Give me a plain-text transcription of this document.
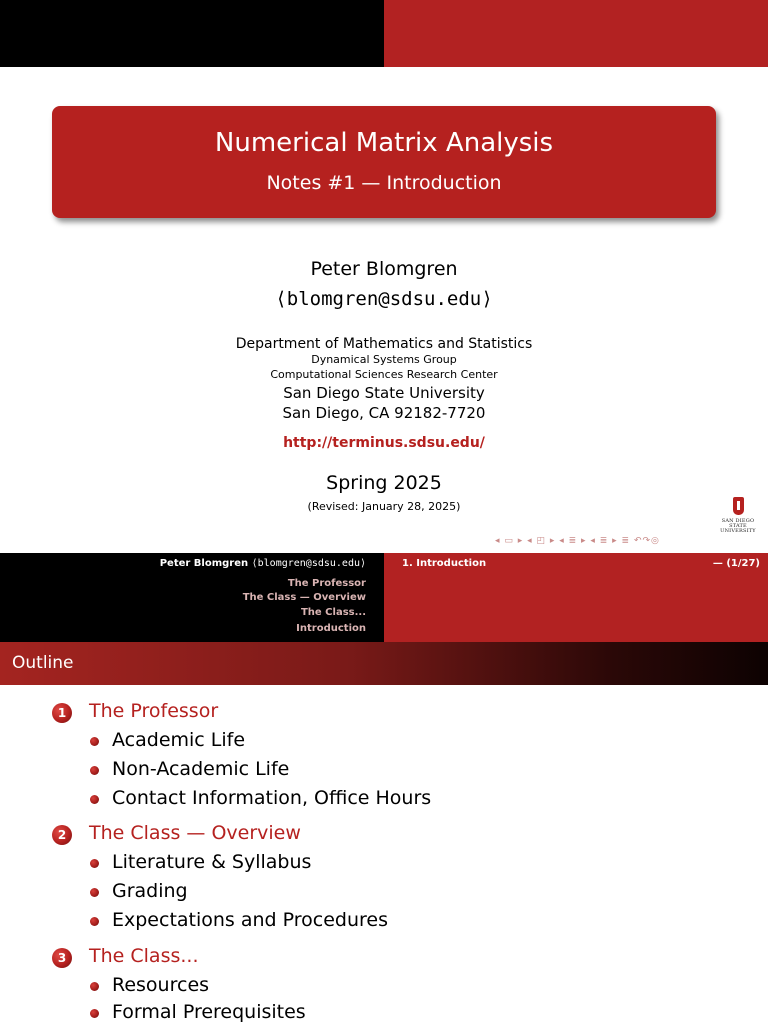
Numerical Matrix Analysis
Notes #1 — Introduction
Peter Blomgren
⟨blomgren@sdsu.edu⟩
Department of Mathematics and Statistics
Dynamical Systems Group
Computational Sciences Research Center
San Diego State University
San Diego, CA 92182-7720
http://terminus.sdsu.edu/
Spring 2025
(Revised: January 28, 2025)
SAN DIEGO STATE
UNIVERSITY
◂ ▭ ▸ ◂ ◰ ▸ ◂ ≣ ▸ ◂ ≣ ▸ ≣ ↶↷◎
Peter Blomgren ⟨blomgren@sdsu.edu⟩
The Professor
The Class — Overview
The Class...
Introduction
1. Introduction	— (1/27)
Outline
1	The Professor
Academic Life
Non-Academic Life
Contact Information, Office Hours
2	The Class — Overview
Literature & Syllabus
Grading
Expectations and Procedures
3	The Class...
Resources
Formal Prerequisites
